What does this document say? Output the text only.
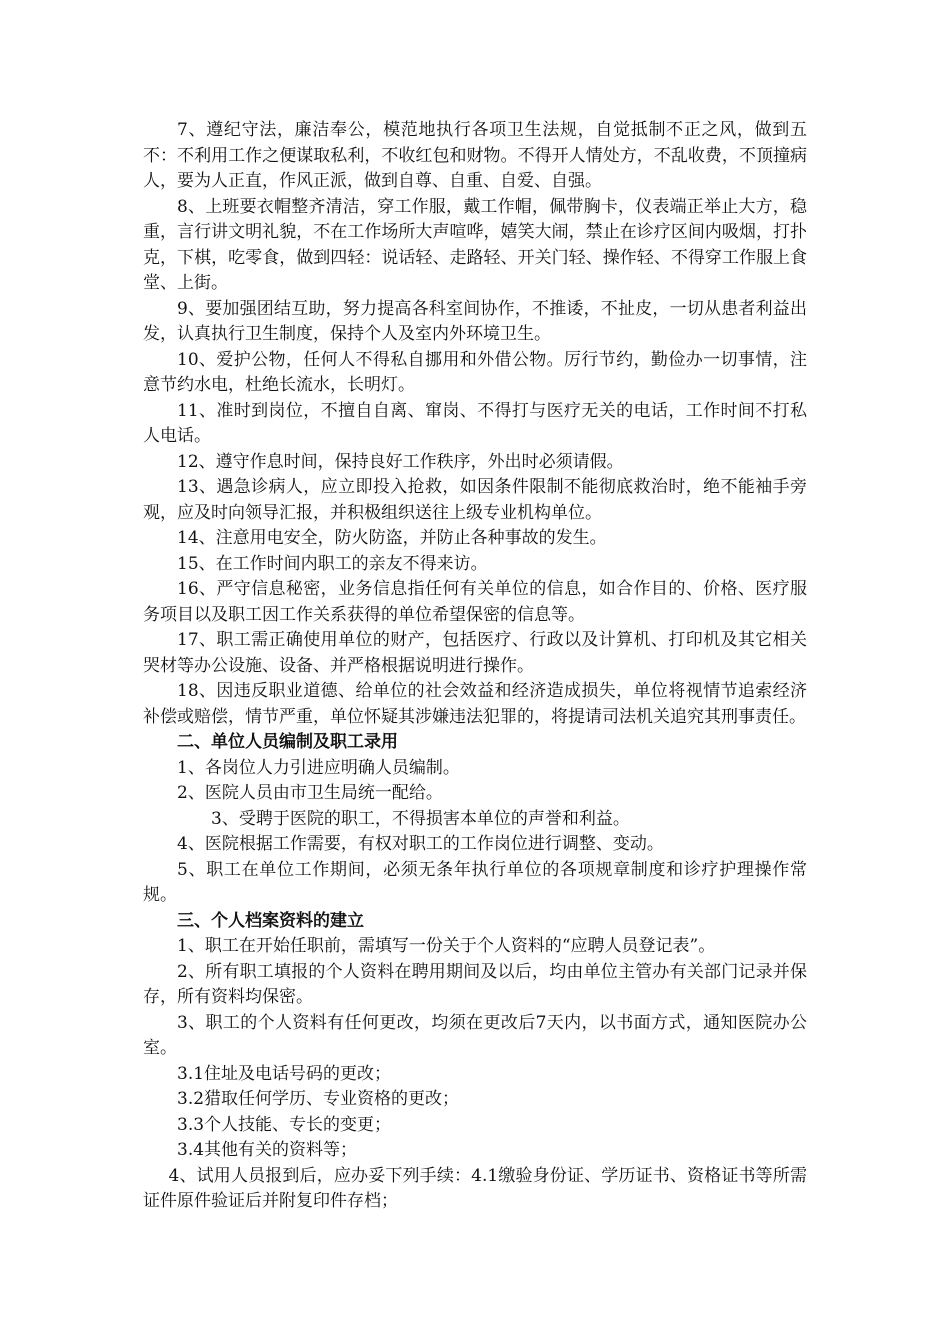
7、遵纪守法，廉洁奉公，模范地执行各项卫生法规，自觉抵制不正之风，做到五不：不利用工作之便谋取私利，不收红包和财物。不得开人情处方，不乱收费，不顶撞病人，要为人正直，作风正派，做到自尊、自重、自爱、自强。

8、上班要衣帽整齐清洁，穿工作服，戴工作帽，佩带胸卡，仪表端正举止大方，稳重，言行讲文明礼貌，不在工作场所大声喧哗，嬉笑大闹，禁止在诊疗区间内吸烟，打扑克，下棋，吃零食，做到四轻：说话轻、走路轻、开关门轻、操作轻、不得穿工作服上食堂、上街。

9、要加强团结互助，努力提高各科室间协作，不推诿，不扯皮，一切从患者利益出发，认真执行卫生制度，保持个人及室内外环境卫生。

10、爱护公物，任何人不得私自挪用和外借公物。厉行节约，勤俭办一切事情，注意节约水电，杜绝长流水，长明灯。

11、准时到岗位，不擅自自离、窜岗、不得打与医疗无关的电话，工作时间不打私人电话。

12、遵守作息时间，保持良好工作秩序，外出时必须请假。

13、遇急诊病人，应立即投入抢救，如因条件限制不能彻底救治时，绝不能袖手旁观，应及时向领导汇报，并积极组织送往上级专业机构单位。

14、注意用电安全，防火防盗，并防止各种事故的发生。

15、在工作时间内职工的亲友不得来访。

16、严守信息秘密，业务信息指任何有关单位的信息，如合作目的、价格、医疗服务项目以及职工因工作关系获得的单位希望保密的信息等。

17、职工需正确使用单位的财产，包括医疗、行政以及计算机、打印机及其它相关哭材等办公设施、设备、并严格根据说明进行操作。

18、因违反职业道德、给单位的社会效益和经济造成损失，单位将视情节追索经济补偿或赔偿，情节严重，单位怀疑其涉嫌违法犯罪的，将提请司法机关追究其刑事责任。

二、单位人员编制及职工录用

1、各岗位人力引进应明确人员编制。

2、医院人员由市卫生局统一配给。

3、受聘于医院的职工，不得损害本单位的声誉和利益。

4、医院根据工作需要，有权对职工的工作岗位进行调整、变动。

5、职工在单位工作期间，必须无条年执行单位的各项规章制度和诊疗护理操作常规。

三、个人档案资料的建立

1、职工在开始任职前，需填写一份关于个人资料的“应聘人员登记表”。

2、所有职工填报的个人资料在聘用期间及以后，均由单位主管办有关部门记录并保存，所有资料均保密。

3、职工的个人资料有任何更改，均须在更改后7天内，以书面方式，通知医院办公室。

3.1住址及电话号码的更改；

3.2猎取任何学历、专业资格的更改；

3.3个人技能、专长的变更；

3.4其他有关的资料等；

4、试用人员报到后，应办妥下列手续：4.1缴验身份证、学历证书、资格证书等所需证件原件验证后并附复印件存档；
